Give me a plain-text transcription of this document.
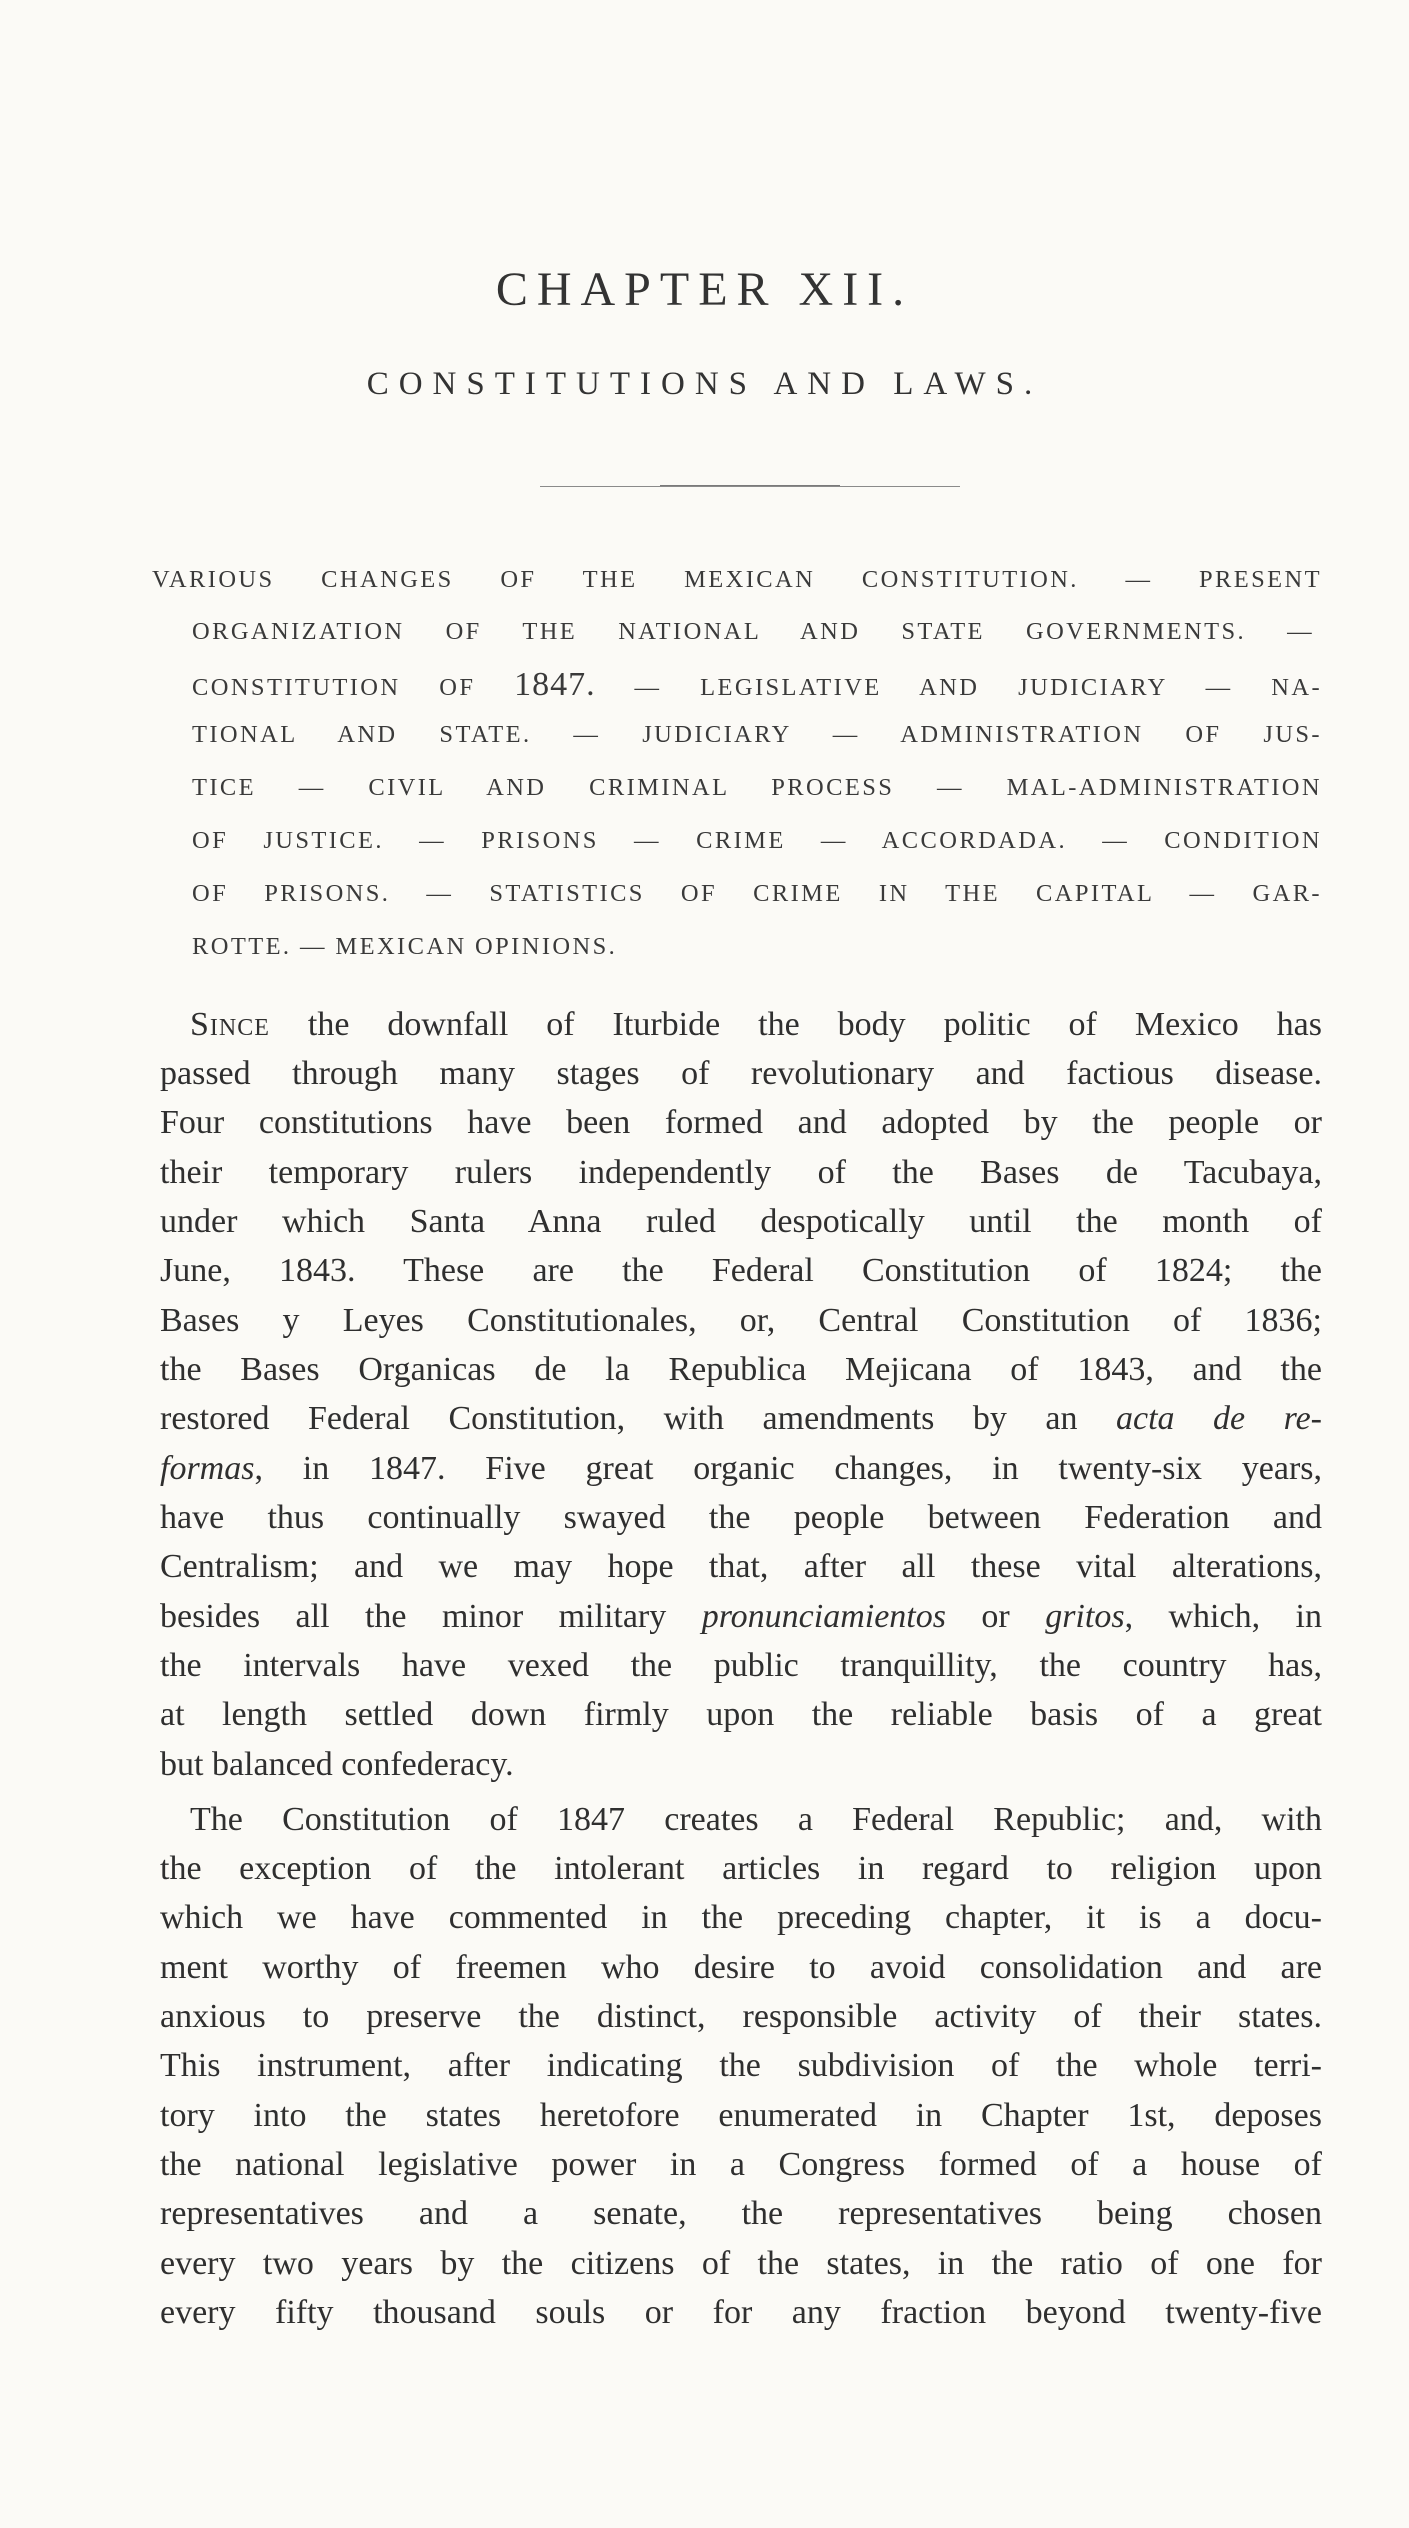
CHAPTER XII.
CONSTITUTIONS AND LAWS.
VARIOUS CHANGES OF THE MEXICAN CONSTITUTION. — PRESENT
ORGANIZATION OF THE NATIONAL AND STATE GOVERNMENTS. —
CONSTITUTION OF 1847. — LEGISLATIVE AND JUDICIARY — NA-
TIONAL AND STATE. — JUDICIARY — ADMINISTRATION OF JUS-
TICE — CIVIL AND CRIMINAL PROCESS — MAL-ADMINISTRATION
OF JUSTICE. — PRISONS — CRIME — ACCORDADA. — CONDITION
OF PRISONS. — STATISTICS OF CRIME IN THE CAPITAL — GAR-
ROTTE. — MEXICAN OPINIONS.
Since the downfall of Iturbide the body politic of Mexico has
passed through many stages of revolutionary and factious disease.
Four constitutions have been formed and adopted by the people or
their temporary rulers independently of the Bases de Tacubaya,
under which Santa Anna ruled despotically until the month of
June, 1843. These are the Federal Constitution of 1824; the
Bases y Leyes Constitutionales, or, Central Constitution of 1836;
the Bases Organicas de la Republica Mejicana of 1843, and the
restored Federal Constitution, with amendments by an acta de re-
formas, in 1847. Five great organic changes, in twenty-six years,
have thus continually swayed the people between Federation and
Centralism; and we may hope that, after all these vital alterations,
besides all the minor military pronunciamientos or gritos, which, in
the intervals have vexed the public tranquillity, the country has,
at length settled down firmly upon the reliable basis of a great
but balanced confederacy.
The Constitution of 1847 creates a Federal Republic; and, with
the exception of the intolerant articles in regard to religion upon
which we have commented in the preceding chapter, it is a docu-
ment worthy of freemen who desire to avoid consolidation and are
anxious to preserve the distinct, responsible activity of their states.
This instrument, after indicating the subdivision of the whole terri-
tory into the states heretofore enumerated in Chapter 1st, deposes
the national legislative power in a Congress formed of a house of
representatives and a senate, the representatives being chosen
every two years by the citizens of the states, in the ratio of one for
every fifty thousand souls or for any fraction beyond twenty-five
